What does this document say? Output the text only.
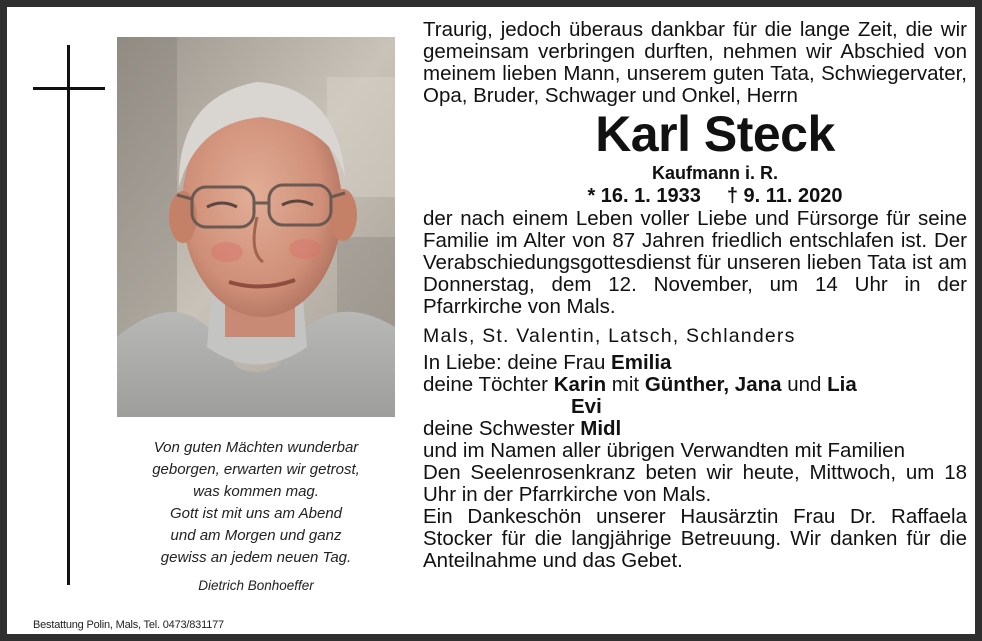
Von guten Mächten wunderbar
geborgen, erwarten wir getrost,
was kommen mag.
Gott ist mit uns am Abend
und am Morgen und ganz
gewiss an jedem neuen Tag.
Dietrich Bonhoeffer
Bestattung Polin, Mals, Tel. 0473/831177
Traurig, jedoch überaus dankbar für die lange Zeit, die wir gemeinsam verbringen durften, nehmen wir Abschied von meinem lieben Mann, unserem guten Tata, Schwiegervater, Opa, Bruder, Schwager und Onkel, Herrn
Karl Steck
Kaufmann i. R.
* 16. 1. 1933 † 9. 11. 2020
der nach einem Leben voller Liebe und Fürsorge für seine Familie im Alter von 87 Jahren friedlich entschlafen ist. Der Verabschiedungsgottesdienst für unseren lieben Tata ist am Donnerstag, dem 12. November, um 14 Uhr in der Pfarrkirche von Mals.
Mals, St. Valentin, Latsch, Schlanders
In Liebe: deine Frau Emilia
deine Töchter Karin mit Günther, Jana und Lia
Evi
deine Schwester Midl
und im Namen aller übrigen Verwandten mit Familien
Den Seelenrosenkranz beten wir heute, Mittwoch, um 18 Uhr in der Pfarrkirche von Mals.
Ein Dankeschön unserer Hausärztin Frau Dr. Raffaela Stocker für die langjährige Betreuung. Wir danken für die Anteilnahme und das Gebet.
